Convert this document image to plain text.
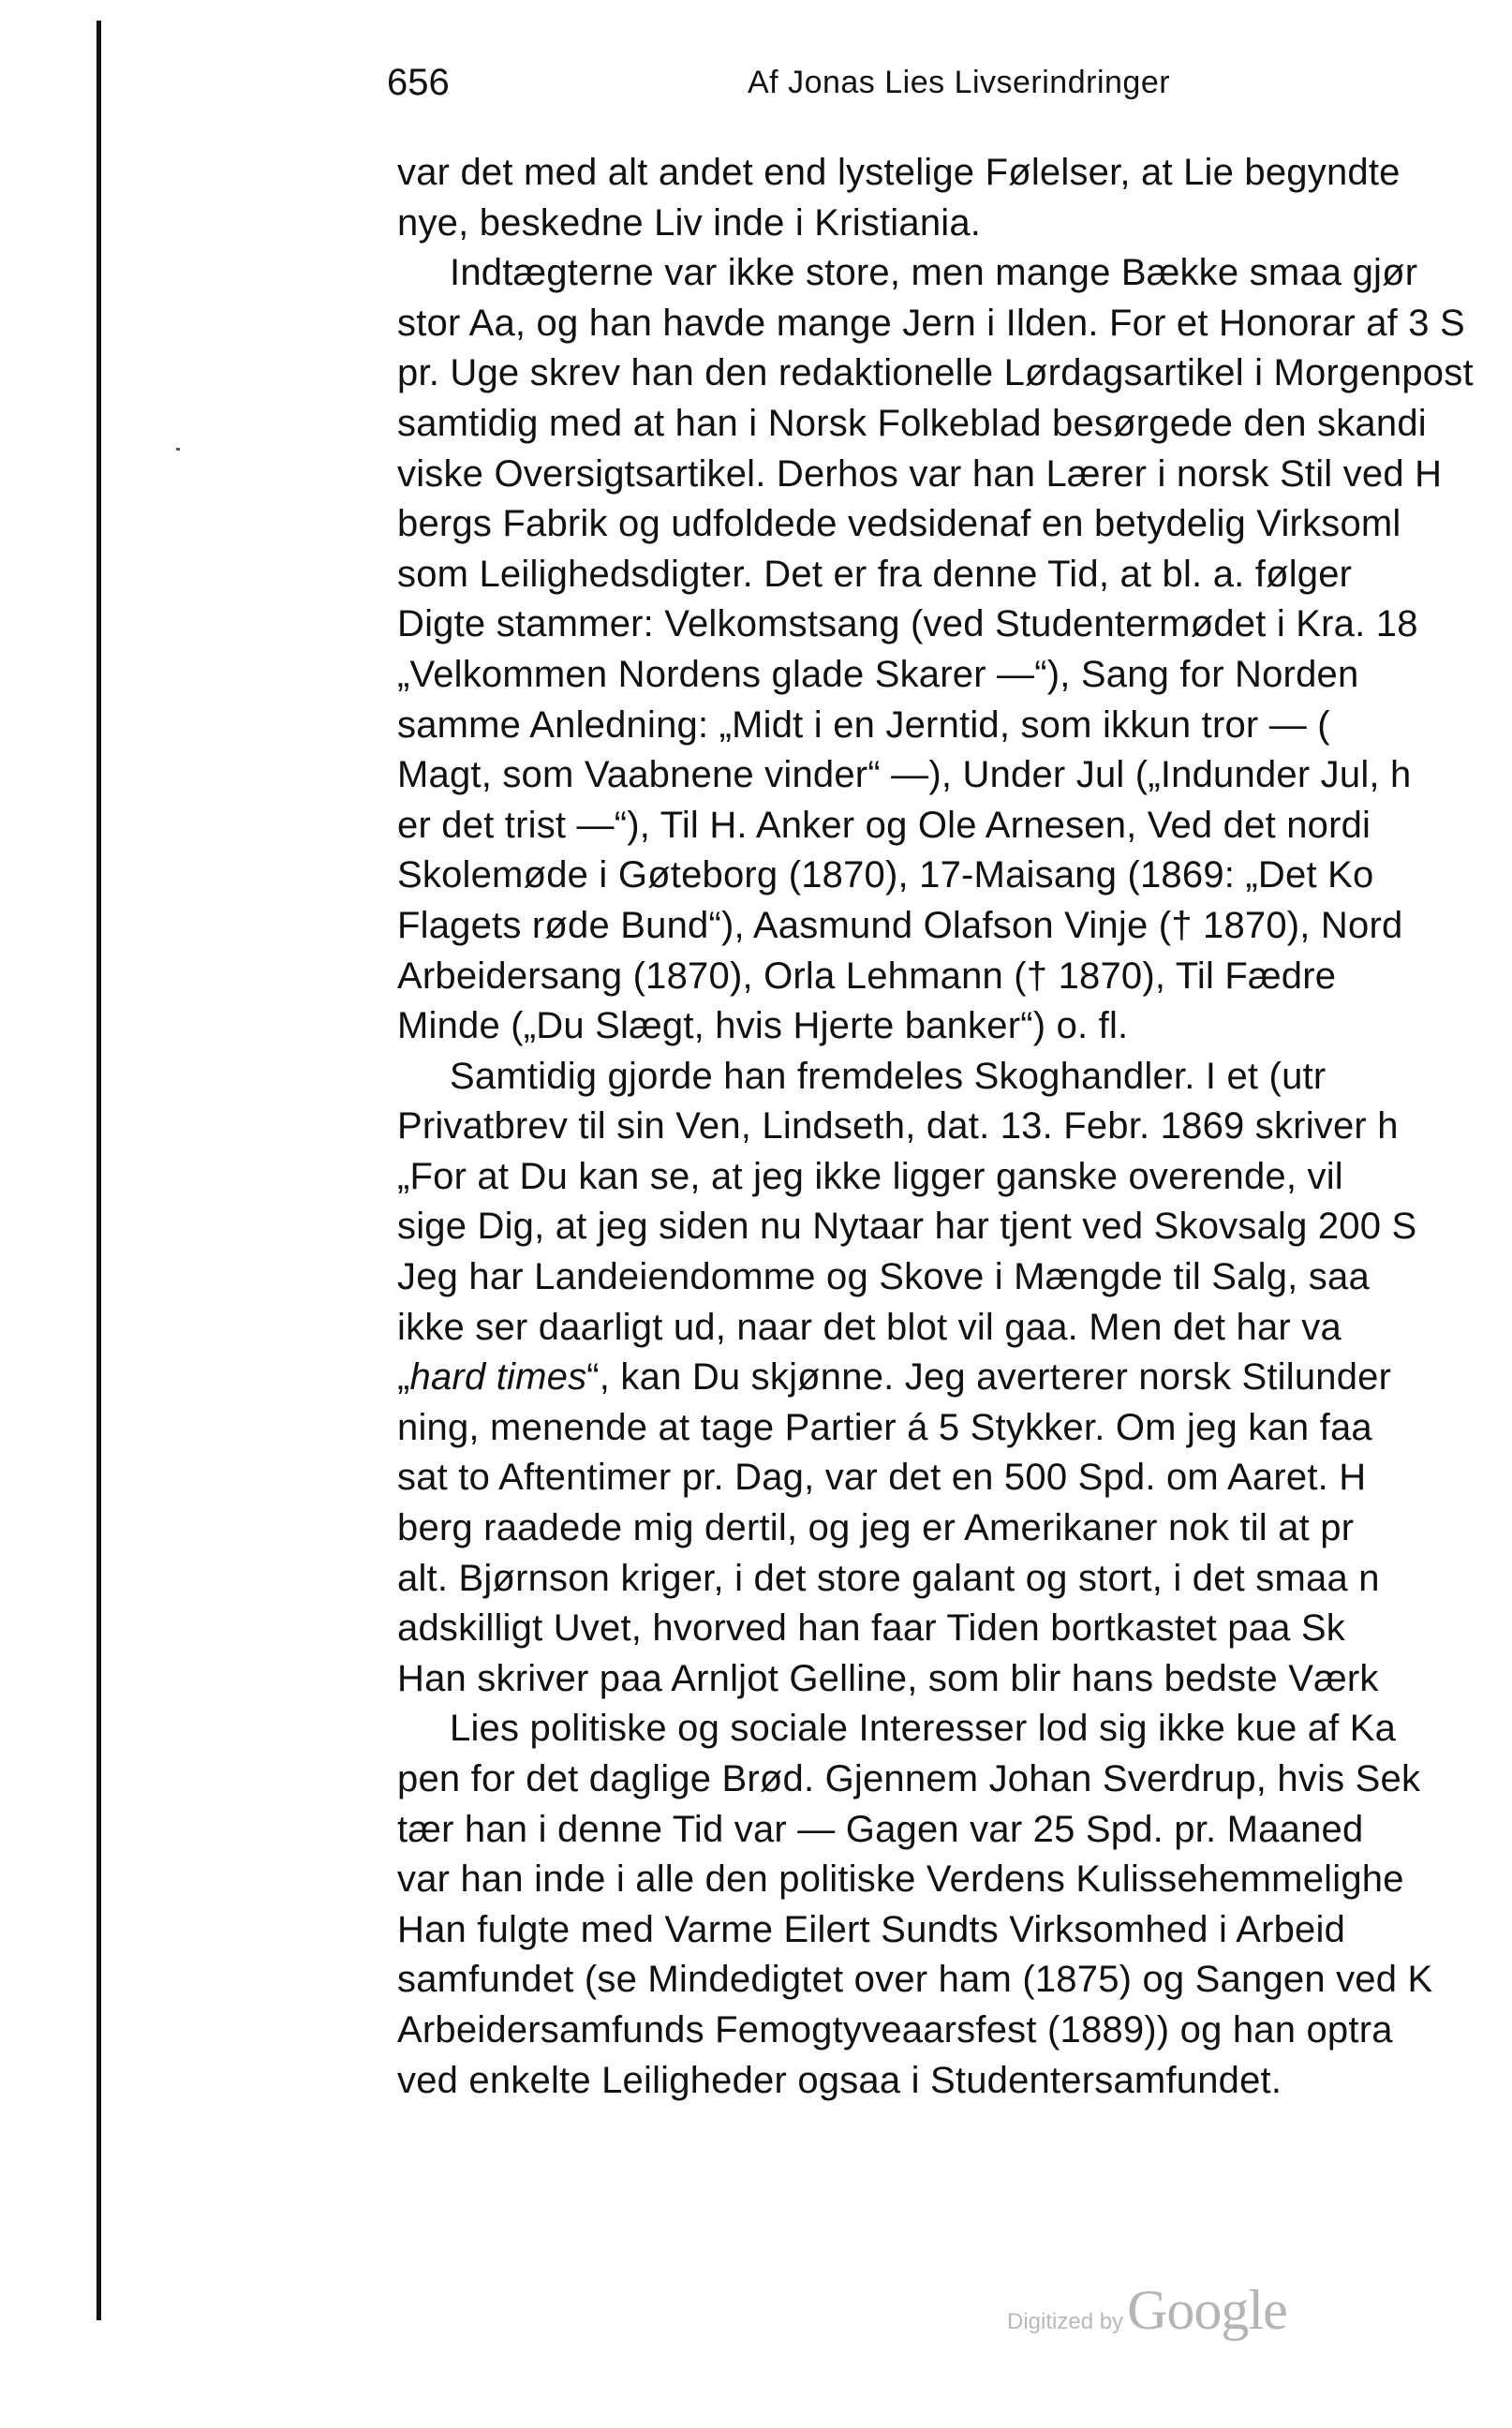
656	Af Jonas Lies Livserindringer
var det med alt andet end lystelige Følelser, at Lie begyndte
nye, beskedne Liv inde i Kristiania.
Indtægterne var ikke store, men mange Bække smaa gjør
stor Aa, og han havde mange Jern i Ilden. For et Honorar af 3 S
pr. Uge skrev han den redaktionelle Lørdagsartikel i Morgenpost
samtidig med at han i Norsk Folkeblad besørgede den skandi
viske Oversigtsartikel. Derhos var han Lærer i norsk Stil ved H
bergs Fabrik og udfoldede vedsidenaf en betydelig Virksoml
som Leilighedsdigter. Det er fra denne Tid, at bl. a. følger
Digte stammer: Velkomstsang (ved Studentermødet i Kra. 18
„Velkommen Nordens glade Skarer —“), Sang for Norden
samme Anledning: „Midt i en Jerntid, som ikkun tror — (
Magt, som Vaabnene vinder“ —), Under Jul („Indunder Jul, h
er det trist —“), Til H. Anker og Ole Arnesen, Ved det nordi
Skolemøde i Gøteborg (1870), 17-Maisang (1869: „Det Ko
Flagets røde Bund“), Aasmund Olafson Vinje († 1870), Nord
Arbeidersang (1870), Orla Lehmann († 1870), Til Fædre
Minde („Du Slægt, hvis Hjerte banker“) o. fl.
Samtidig gjorde han fremdeles Skoghandler. I et (utr
Privatbrev til sin Ven, Lindseth, dat. 13. Febr. 1869 skriver h
„For at Du kan se, at jeg ikke ligger ganske overende, vil
sige Dig, at jeg siden nu Nytaar har tjent ved Skovsalg 200 S
Jeg har Landeiendomme og Skove i Mængde til Salg, saa
ikke ser daarligt ud, naar det blot vil gaa. Men det har va
„hard times“, kan Du skjønne. Jeg averterer norsk Stilunder
ning, menende at tage Partier á 5 Stykker. Om jeg kan faa
sat to Aftentimer pr. Dag, var det en 500 Spd. om Aaret. H
berg raadede mig dertil, og jeg er Amerikaner nok til at pr
alt. Bjørnson kriger, i det store galant og stort, i det smaa n
adskilligt Uvet, hvorved han faar Tiden bortkastet paa Sk
Han skriver paa Arnljot Gelline, som blir hans bedste Værk
Lies politiske og sociale Interesser lod sig ikke kue af Ka
pen for det daglige Brød. Gjennem Johan Sverdrup, hvis Sek
tær han i denne Tid var — Gagen var 25 Spd. pr. Maaned
var han inde i alle den politiske Verdens Kulissehemmelighe
Han fulgte med Varme Eilert Sundts Virksomhed i Arbeid
samfundet (se Mindedigtet over ham (1875) og Sangen ved K
Arbeidersamfunds Femogtyveaarsfest (1889)) og han optra
ved enkelte Leiligheder ogsaa i Studentersamfundet.
Digitized by Google
